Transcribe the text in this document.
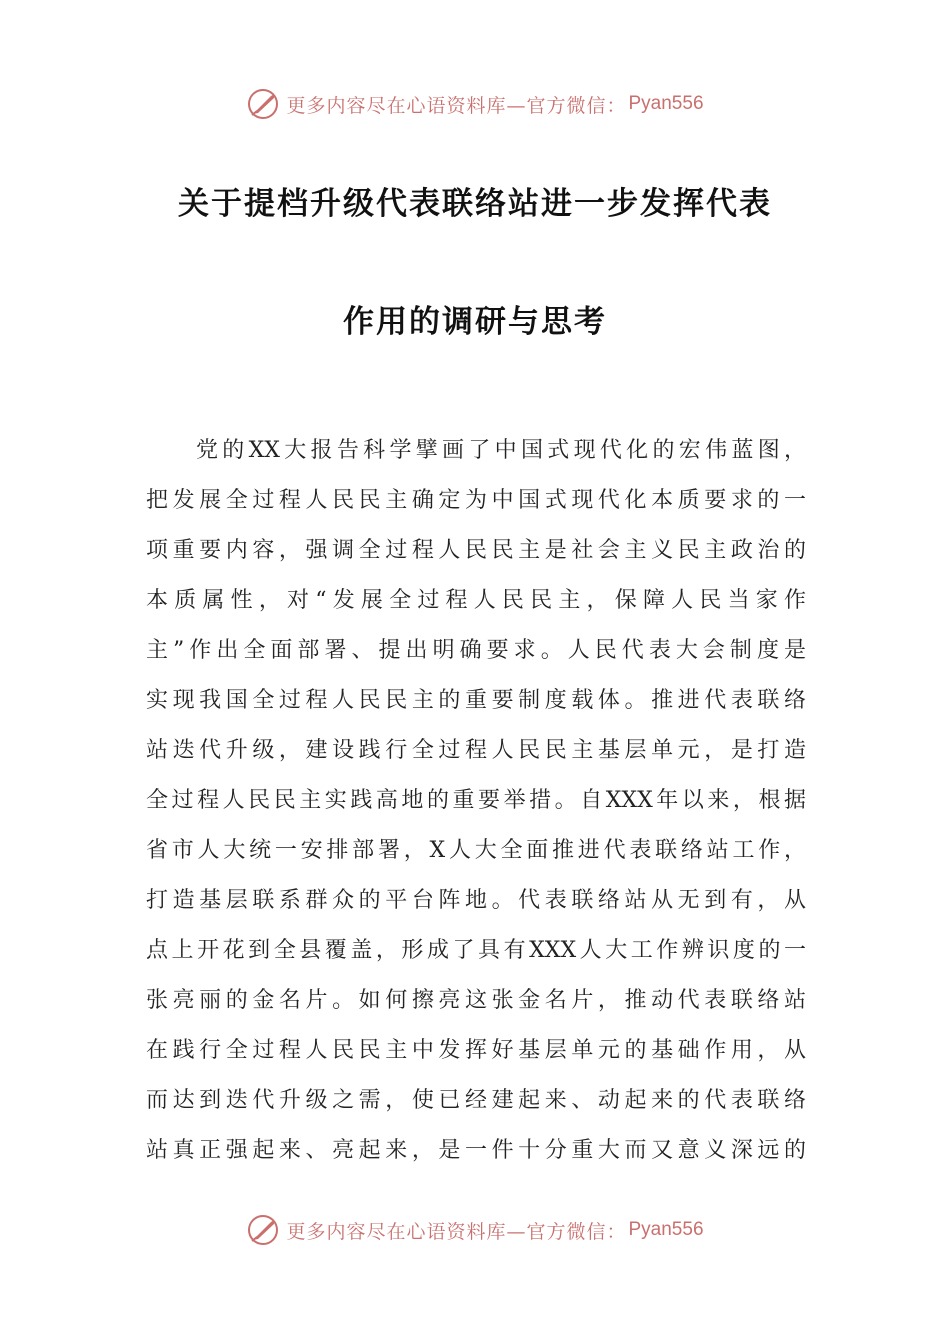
更多内容尽在心语资料库—官方微信： Pyan556
关于提档升级代表联络站进一步发挥代表
作用的调研与思考
党的XX大报告科学擘画了中国式现代化的宏伟蓝图，
把发展全过程人民民主确定为中国式现代化本质要求的一
项重要内容，强调全过程人民民主是社会主义民主政治的
本质属性，对“发展全过程人民民主，保障人民当家作
主”作出全面部署、提出明确要求。人民代表大会制度是
实现我国全过程人民民主的重要制度载体。推进代表联络
站迭代升级，建设践行全过程人民民主基层单元，是打造
全过程人民民主实践高地的重要举措。自XXX年以来，根据
省市人大统一安排部署，X人大全面推进代表联络站工作，
打造基层联系群众的平台阵地。代表联络站从无到有，从
点上开花到全县覆盖，形成了具有XXX人大工作辨识度的一
张亮丽的金名片。如何擦亮这张金名片，推动代表联络站
在践行全过程人民民主中发挥好基层单元的基础作用，从
而达到迭代升级之需，使已经建起来、动起来的代表联络
站真正强起来、亮起来，是一件十分重大而又意义深远的
更多内容尽在心语资料库—官方微信： Pyan556
